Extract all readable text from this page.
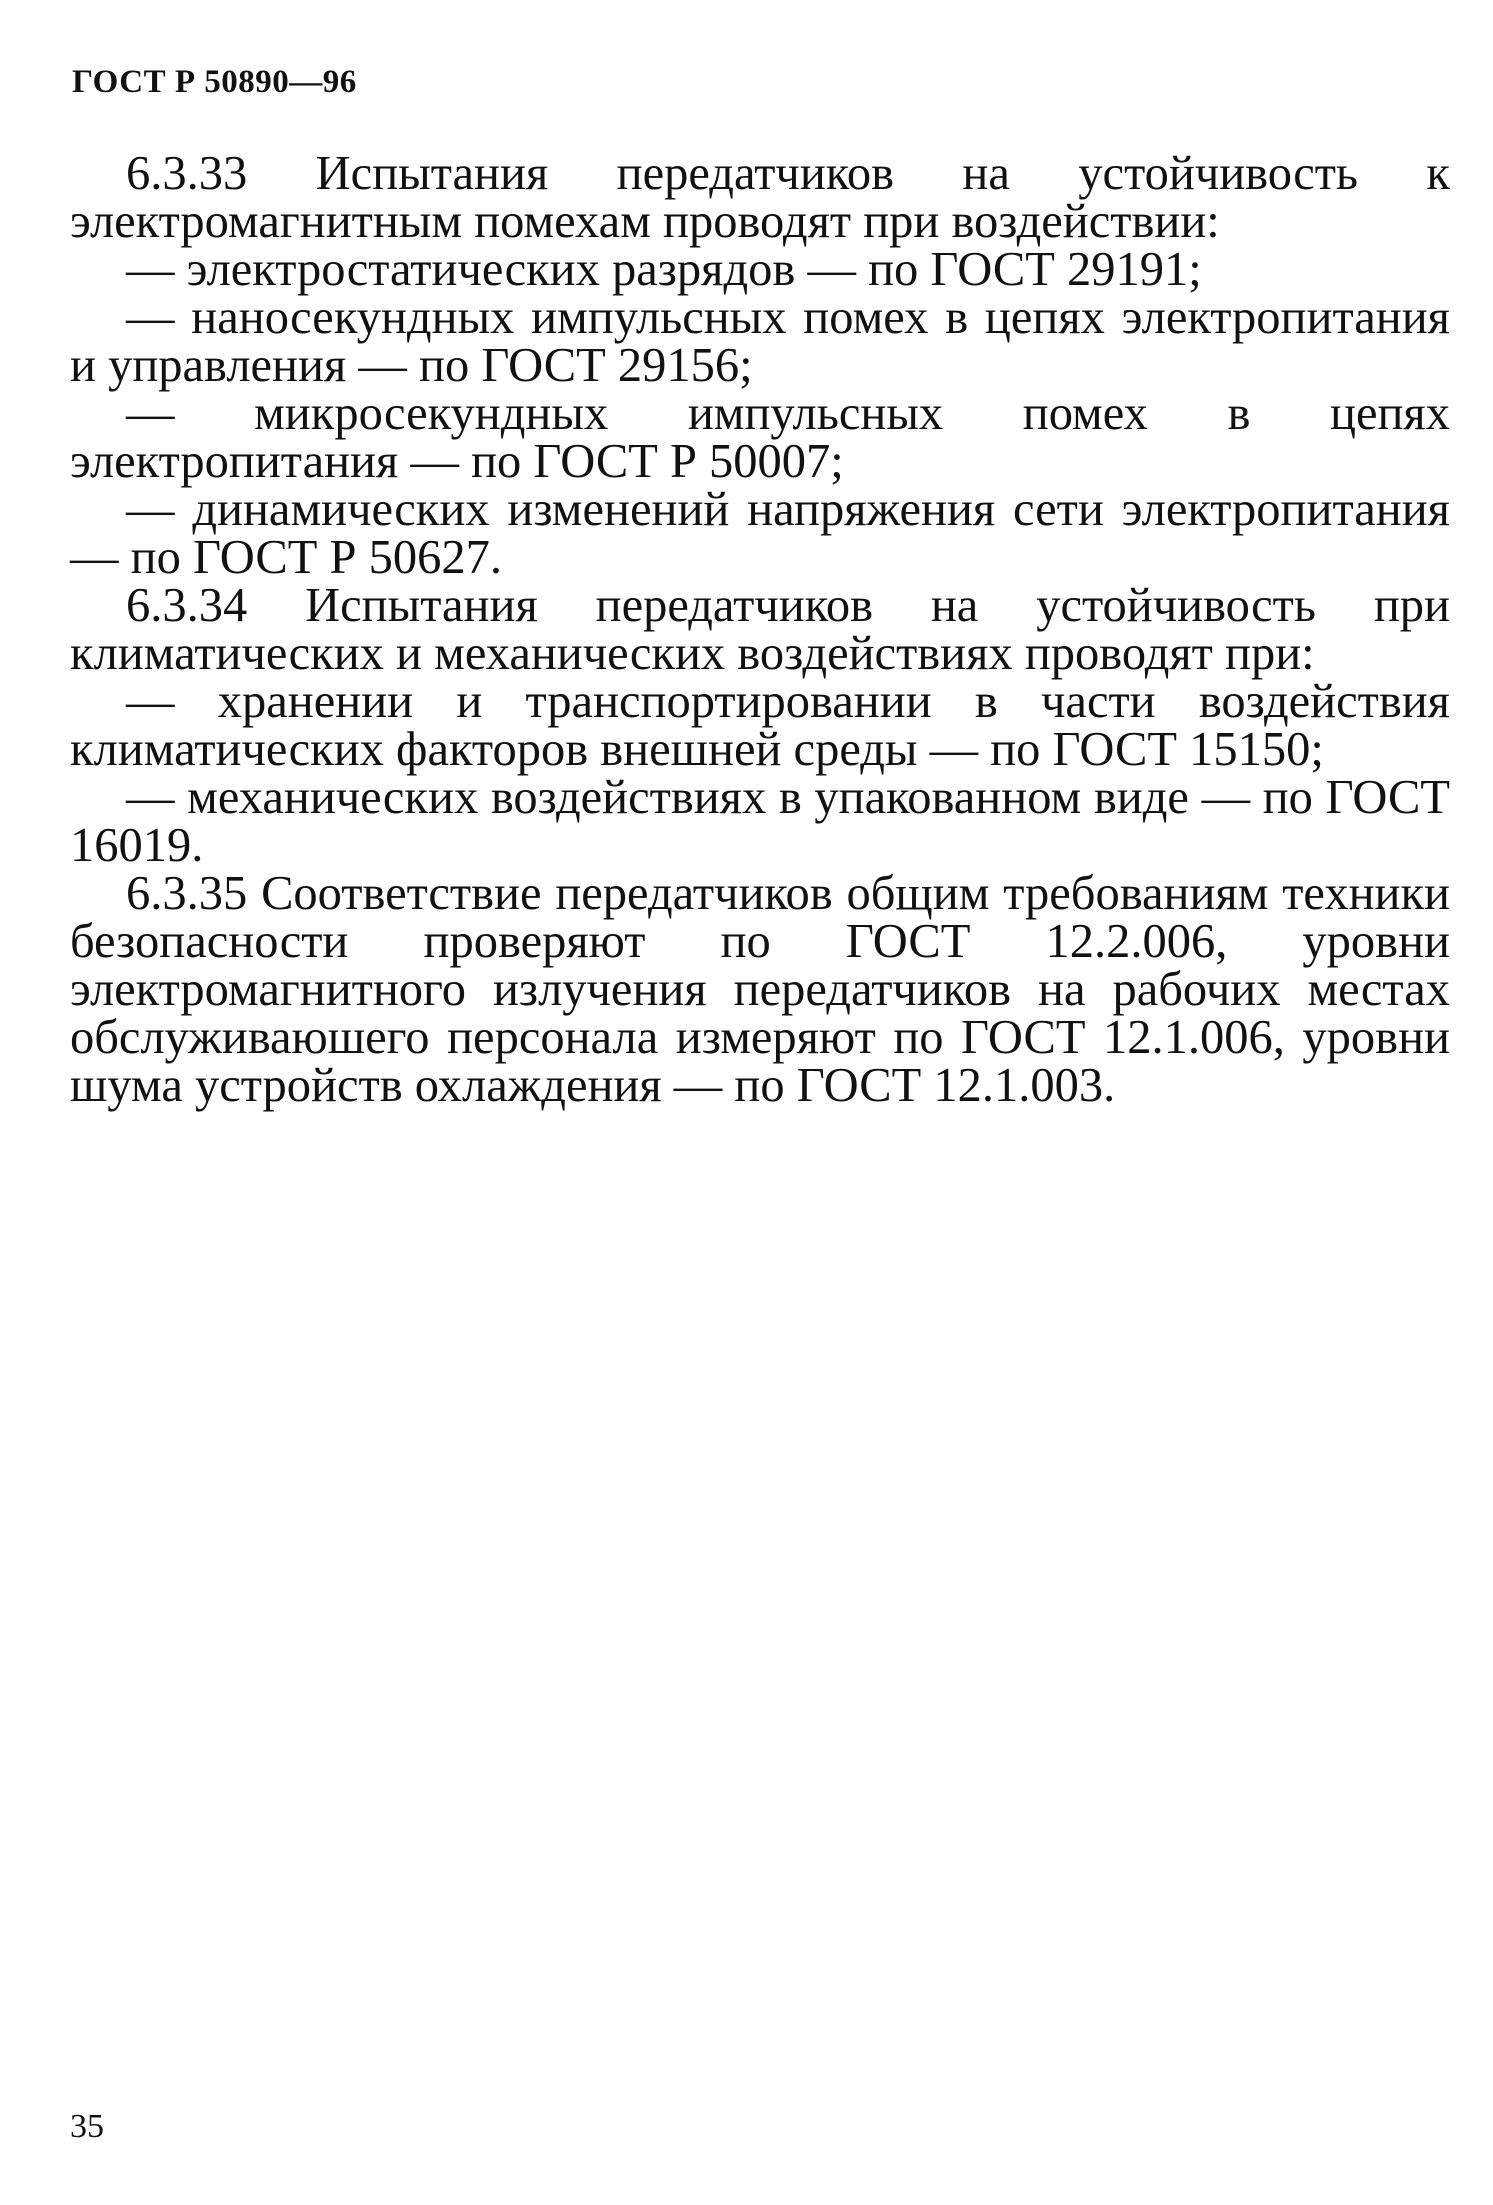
ГОСТ Р 50890—96

6.3.33 Испытания передатчиков на устойчивость к электромагнитным помехам проводят при воздействии:

— электростатических разрядов — по ГОСТ 29191;

— наносекундных импульсных помех в цепях электропитания и управления — по ГОСТ 29156;

— микросекундных импульсных помех в цепях электропитания — по ГОСТ Р 50007;

— динамических изменений напряжения сети электропитания — по ГОСТ Р 50627.

6.3.34 Испытания передатчиков на устойчивость при климатических и механических воздействиях проводят при:

— хранении и транспортировании в части воздействия климатических факторов внешней среды — по ГОСТ 15150;

— механических воздействиях в упакованном виде — по ГОСТ 16019.

6.3.35 Соответствие передатчиков общим требованиям техники безопасности проверяют по ГОСТ 12.2.006, уровни электромагнитного излучения передатчиков на рабочих местах обслуживаюшего персонала измеряют по ГОСТ 12.1.006, уровни шума устройств охлаждения — по ГОСТ 12.1.003.

35
